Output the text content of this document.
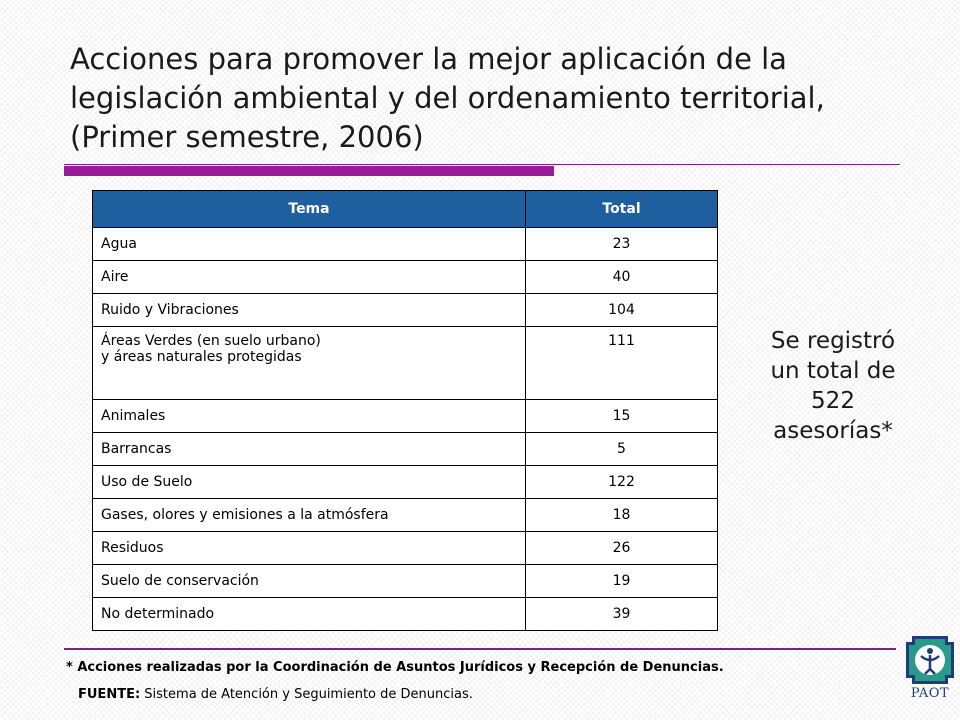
Acciones para promover la mejor aplicación de la
legislación ambiental y del ordenamiento territorial,
(Primer semestre, 2006)
Tema	Total
Agua	23
Aire	40
Ruido y Vibraciones	104
Áreas Verdes (en suelo urbano)
y áreas naturales protegidas	111
Animales	15
Barrancas	5
Uso de Suelo	122
Gases, olores y emisiones a la atmósfera	18
Residuos	26
Suelo de conservación	19
No determinado	39
Se registró
un total de
522
asesorías*
* Acciones realizadas por la Coordinación de Asuntos Jurídicos y Recepción de Denuncias.
FUENTE: Sistema de Atención y Seguimiento de Denuncias.	PAOT
